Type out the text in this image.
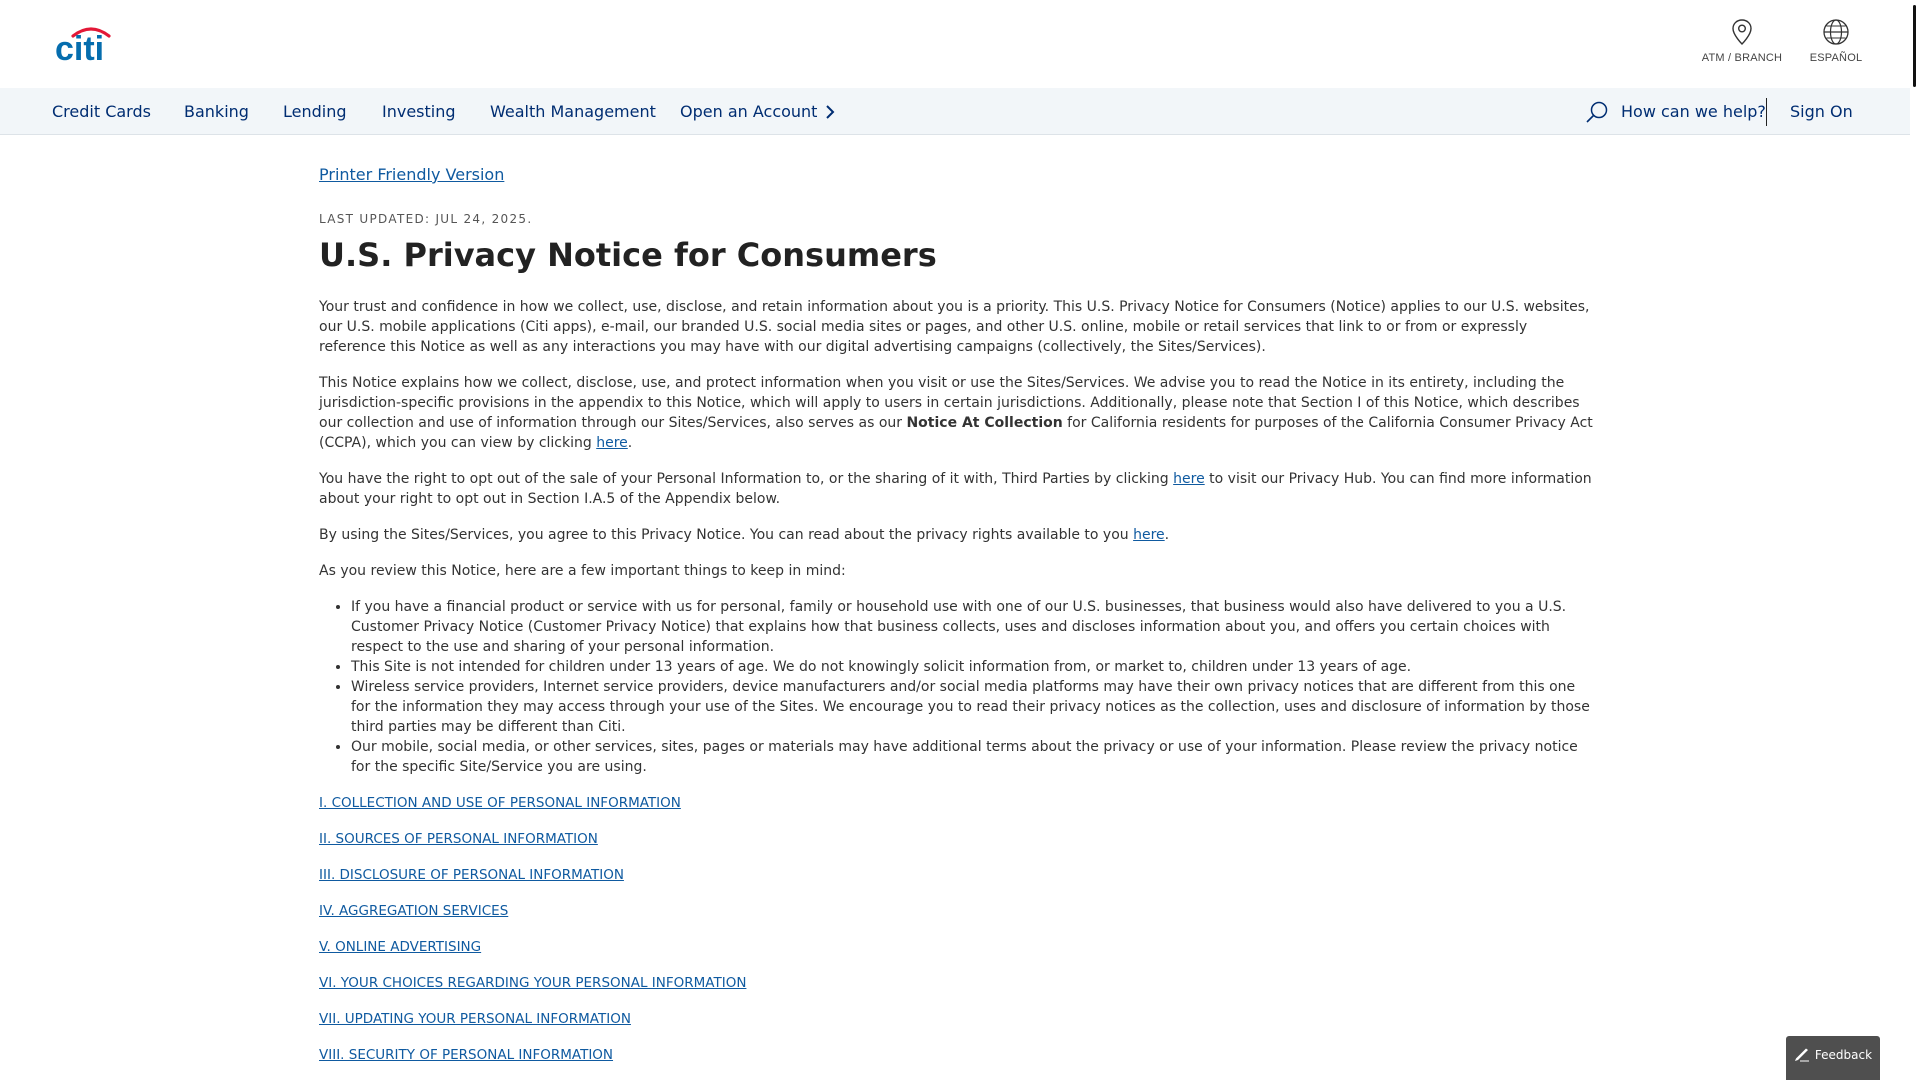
citi	ATM / BRANCH	ESPAÑOL
Credit Cards Banking Lending Investing Wealth Management Open an Account	How can we help? Sign On
Printer Friendly Version
LAST UPDATED: JUL 24, 2025.
U.S. Privacy Notice for Consumers

Your trust and confidence in how we collect, use, disclose, and retain information about you is a priority. This U.S. Privacy Notice for Consumers (Notice) applies to our U.S. websites, our U.S. mobile applications (Citi apps), e-mail, our branded U.S. social media sites or pages, and other U.S. online, mobile or retail services that link to or from or expressly reference this Notice as well as any interactions you may have with our digital advertising campaigns (collectively, the Sites/Services).

This Notice explains how we collect, disclose, use, and protect information when you visit or use the Sites/Services. We advise you to read the Notice in its entirety, including the jurisdiction-specific provisions in the appendix to this Notice, which will apply to users in certain jurisdictions. Additionally, please note that Section I of this Notice, which describes our collection and use of information through our Sites/Services, also serves as our Notice At Collection for California residents for purposes of the California Consumer Privacy Act (CCPA), which you can view by clicking here.

You have the right to opt out of the sale of your Personal Information to, or the sharing of it with, Third Parties by clicking here to visit our Privacy Hub. You can find more information about your right to opt out in Section I.A.5 of the Appendix below.

By using the Sites/Services, you agree to this Privacy Notice. You can read about the privacy rights available to you here.

As you review this Notice, here are a few important things to keep in mind:

• If you have a financial product or service with us for personal, family or household use with one of our U.S. businesses, that business would also have delivered to you a U.S. Customer Privacy Notice (Customer Privacy Notice) that explains how that business collects, uses and discloses information about you, and offers you certain choices with respect to the use and sharing of your personal information.
• This Site is not intended for children under 13 years of age. We do not knowingly solicit information from, or market to, children under 13 years of age.
• Wireless service providers, Internet service providers, device manufacturers and/or social media platforms may have their own privacy notices that are different from this one for the information they may access through your use of the Sites. We encourage you to read their privacy notices as the collection, uses and disclosure of information by those third parties may be different than Citi.
• Our mobile, social media, or other services, sites, pages or materials may have additional terms about the privacy or use of your information. Please review the privacy notice for the specific Site/Service you are using.
I. COLLECTION AND USE OF PERSONAL INFORMATION
II. SOURCES OF PERSONAL INFORMATION
III. DISCLOSURE OF PERSONAL INFORMATION
IV. AGGREGATION SERVICES
V. ONLINE ADVERTISING
VI. YOUR CHOICES REGARDING YOUR PERSONAL INFORMATION
VII. UPDATING YOUR PERSONAL INFORMATION
VIII. SECURITY OF PERSONAL INFORMATION	Feedback
